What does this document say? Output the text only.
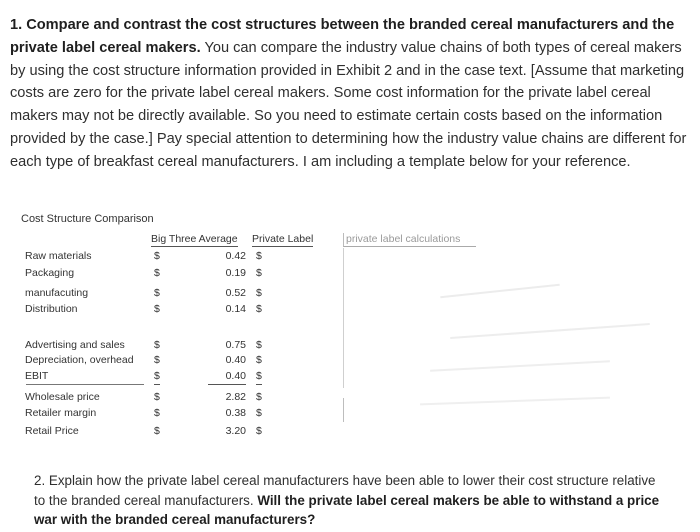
1. Compare and contrast the cost structures between the branded cereal manufacturers and the private label cereal makers. You can compare the industry value chains of both types of cereal makers by using the cost structure information provided in Exhibit 2 and in the case text. [Assume that marketing costs are zero for the private label cereal makers. Some cost information for the private label cereal makers may not be directly available. So you need to estimate certain costs based on the information provided by the case.] Pay special attention to determining how the industry value chains are different for each type of breakfast cereal manufacturers. I am including a template below for your reference.
Cost Structure Comparison
Big Three Average Private Label	private label calculations
Raw materials	$	0.42 $
Packaging	$	0.19 $
manufacuting	$	0.52 $
Distribution	$	0.14 $
Advertising and sales	$	0.75 $
Depreciation, overhead $	0.40 $
EBIT	$	0.40 $
Wholesale price	$	2.82 $
Retailer margin	$	0.38 $
Retail Price	$	3.20 $
2. Explain how the private label cereal manufacturers have been able to lower their cost structure relative to the branded cereal manufacturers. Will the private label cereal makers be able to withstand a price war with the branded cereal manufacturers?
